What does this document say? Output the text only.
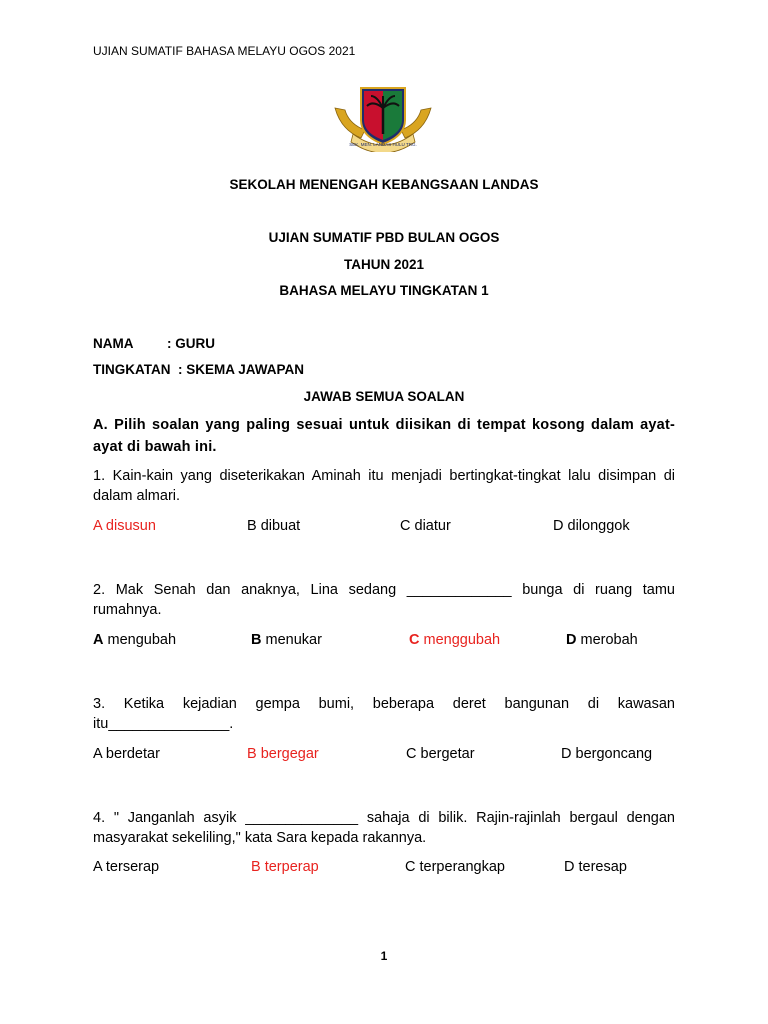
UJIAN SUMATIF BAHASA MELAYU OGOS 2021
SEK. MEN. LANDAS HULU TRG.
SEKOLAH MENENGAH KEBANGSAAN LANDAS
UJIAN SUMATIF PBD BULAN OGOS
TAHUN 2021
BAHASA MELAYU TINGKATAN 1
NAMA : GURU
TINGKATAN : SKEMA JAWAPAN
JAWAB SEMUA SOALAN
A. Pilih soalan yang paling sesuai untuk diisikan di tempat kosong dalam ayat-ayat di bawah ini.
1. Kain-kain yang diseterikakan Aminah itu menjadi bertingkat-tingkat lalu disimpan di dalam almari.
A disusun	B dibuat	C diatur	D dilonggok
2. Mak Senah dan anaknya, Lina sedang _____________ bunga di ruang tamu rumahnya.
A mengubah	B menukar	C menggubah	D merobah
3. Ketika kejadian gempa bumi, beberapa deret bangunan di kawasan itu_______________.
A berdetar	B bergegar	C bergetar	D bergoncang
4. " Janganlah asyik ______________ sahaja di bilik. Rajin-rajinlah bergaul dengan masyarakat sekeliling," kata Sara kepada rakannya.
A terserap	B terperap	C terperangkap	D teresap
1
